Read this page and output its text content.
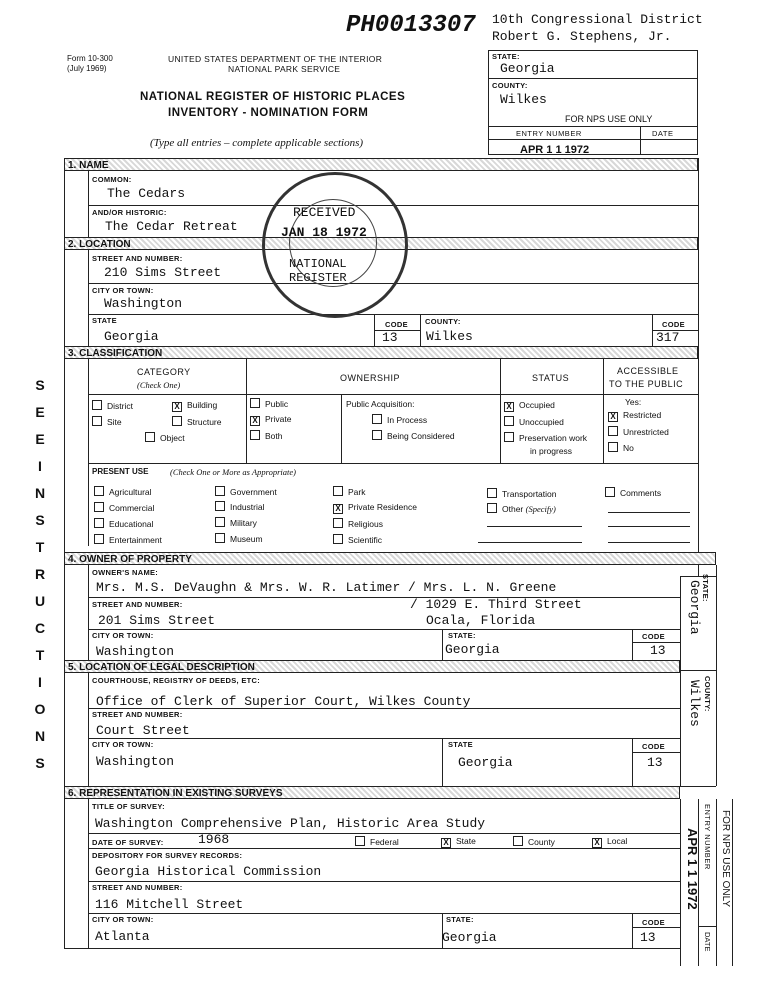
PH0013307 10th Congressional District
Robert G. Stephens, Jr.
Form 10-300
(July 1969)
UNITED STATES DEPARTMENT OF THE INTERIOR
NATIONAL PARK SERVICE
NATIONAL REGISTER OF HISTORIC PLACES
INVENTORY - NOMINATION FORM
(Type all entries – complete applicable sections)
STATE:
Georgia
COUNTY:
Wilkes
FOR NPS USE ONLY
ENTRY NUMBER	DATE
APR 1 1 1972
SEE INSTRUCTIONS
1. NAME
COMMON:
The Cedars
AND/OR HISTORIC:
The Cedar Retreat
2. LOCATION
STREET AND NUMBER:
210 Sims Street
CITY OR TOWN:
Washington
STATE
Georgia
CODE
13
COUNTY:
Wilkes
CODE
317
RECEIVED
JAN 18 1972
NATIONAL
REGISTER
3. CLASSIFICATION
CATEGORY
(Check One)
OWNERSHIP	STATUS
ACCESSIBLE
TO THE PUBLIC
District	X Building
Site	Structure
Object
Public
X Private
Both
Public Acquisition:
In Process
Being Considered
X Occupied
Unoccupied
Preservation work
in progress
Yes:
X Restricted
Unrestricted
No
PRESENT USE	(Check One or More as Appropriate)
Agricultural
Commercial
Educational
Entertainment
Government
Industrial
Military
Museum
Park
X Private Residence
Religious
Scientific
Transportation
Other (Specify)
Comments
4. OWNER OF PROPERTY
OWNER'S NAME:
Mrs. M.S. DeVaughn & Mrs. W. R. Latimer / Mrs. L. N. Greene
STREET AND NUMBER:
201 Sims Street
/ 1029 E. Third Street
Ocala, Florida
CITY OR TOWN:
Washington
STATE:
Georgia
CODE
13
5. LOCATION OF LEGAL DESCRIPTION
COURTHOUSE, REGISTRY OF DEEDS, ETC:
Office of Clerk of Superior Court, Wilkes County
STREET AND NUMBER:
Court Street
CITY OR TOWN:
Washington
STATE
Georgia
CODE
13
STATE:
Georgia
COUNTY:
Wilkes
6. REPRESENTATION IN EXISTING SURVEYS
TITLE OF SURVEY:
Washington Comprehensive Plan, Historic Area Study
DATE OF SURVEY:	1968	Federal	X State	County	X Local
DEPOSITORY FOR SURVEY RECORDS:
Georgia Historical Commission
STREET AND NUMBER:
116 Mitchell Street
CITY OR TOWN:
Atlanta
STATE:
Georgia
CODE
13
ENTRY NUMBER
APR 1 1 1972 FOR NPS USE ONLY
DATE
